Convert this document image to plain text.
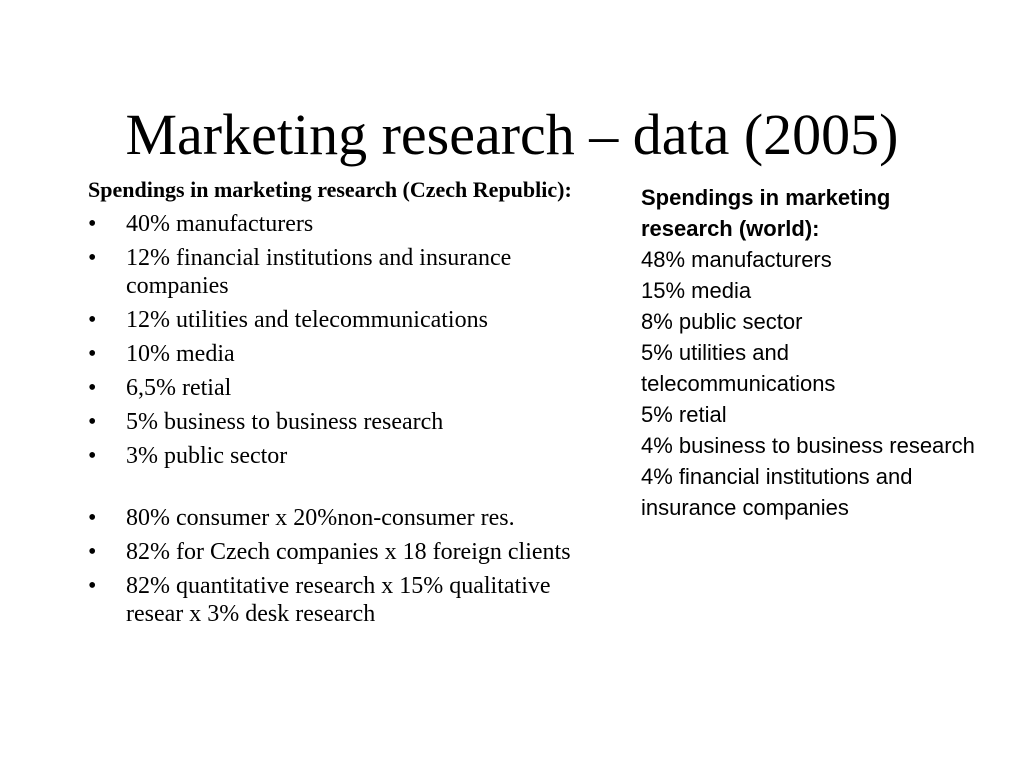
Marketing research – data (2005)
Spendings in marketing research (Czech Republic):
• 40% manufacturers
• 12% financial institutions and insurance companies
• 12% utilities and telecommunications
• 10% media
• 6,5% retial
• 5% business to business research
• 3% public sector
• 80% consumer x 20%non-consumer res.
• 82% for Czech companies x 18 foreign clients
• 82% quantitative research x 15% qualitative resear x 3% desk research
Spendings in marketing research (world):
48% manufacturers
15% media
8% public sector
5% utilities and telecommunications
5% retial
4% business to business research
4% financial institutions and insurance companies
